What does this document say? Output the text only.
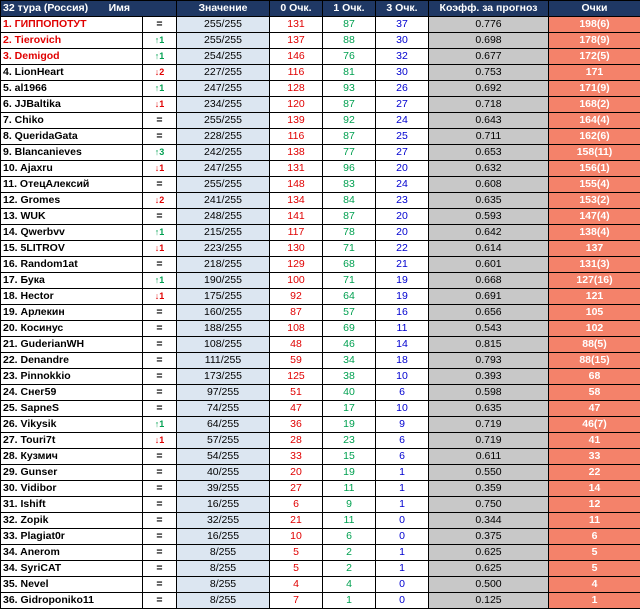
32 тура (Россия) Имя		Значение	0 Очк.	1 Очк.	3 Очк.	Коэфф. за прогноз	Очки
1. ГИППОПОТУТ	=	255/255	131	87	37	0.776	198(6)
2. Tierovich	↑1	255/255	137	88	30	0.698	178(9)
3. Demigod	↑1	254/255	146	76	32	0.677	172(5)
4. LionHeart	↓2	227/255	116	81	30	0.753	171
5. al1966	↑1	247/255	128	93	26	0.692	171(9)
6. JJBaltika	↓1	234/255	120	87	27	0.718	168(2)
7. Chiko	=	255/255	139	92	24	0.643	164(4)
8. QueridaGata	=	228/255	116	87	25	0.711	162(6)
9. Blancanieves	↑3	242/255	138	77	27	0.653	158(11)
10. Ajaxru	↓1	247/255	131	96	20	0.632	156(1)
11. ОтецАлексий	=	255/255	148	83	24	0.608	155(4)
12. Gromes	↓2	241/255	134	84	23	0.635	153(2)
13. WUK	=	248/255	141	87	20	0.593	147(4)
14. Qwerbvv	↑1	215/255	117	78	20	0.642	138(4)
15. 5LITROV	↓1	223/255	130	71	22	0.614	137
16. Random1at	=	218/255	129	68	21	0.601	131(3)
17. Бука	↑1	190/255	100	71	19	0.668	127(16)
18. Hector	↓1	175/255	92	64	19	0.691	121
19. Арлекин	=	160/255	87	57	16	0.656	105
20. Косинус	=	188/255	108	69	11	0.543	102
21. GuderianWH	=	108/255	48	46	14	0.815	88(5)
22. Denandre	=	111/255	59	34	18	0.793	88(15)
23. Pinnokkio	=	173/255	125	38	10	0.393	68
24. Снег59	=	97/255	51	40	6	0.598	58
25. SapneS	=	74/255	47	17	10	0.635	47
26. Vikysik	↑1	64/255	36	19	9	0.719	46(7)
27. Touri7t	↓1	57/255	28	23	6	0.719	41
28. Кузмич	=	54/255	33	15	6	0.611	33
29. Gunser	=	40/255	20	19	1	0.550	22
30. Vidibor	=	39/255	27	11	1	0.359	14
31. Ishift	=	16/255	6	9	1	0.750	12
32. Zopik	=	32/255	21	11	0	0.344	11
33. Plagiat0r	=	16/255	10	6	0	0.375	6
34. Anerom	=	8/255	5	2	1	0.625	5
34. SyriCAT	=	8/255	5	2	1	0.625	5
35. Nevel	=	8/255	4	4	0	0.500	4
36. Gidroponiko11	=	8/255	7	1	0	0.125	1
